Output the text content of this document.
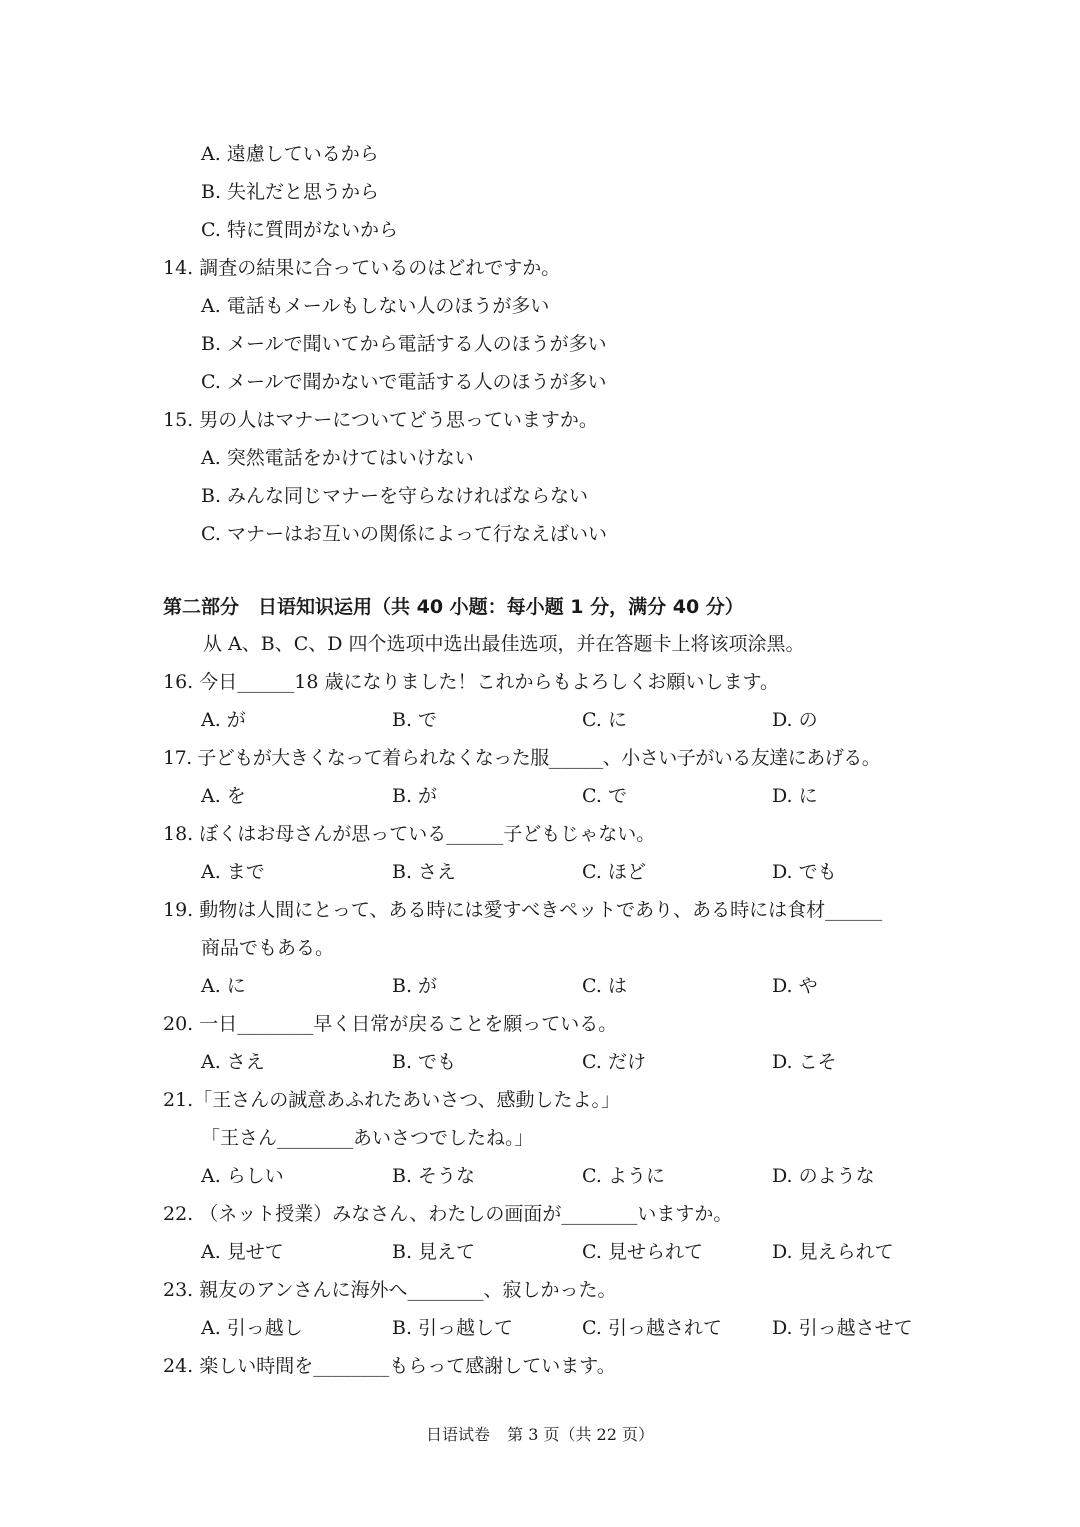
A. 遠慮しているから
B. 失礼だと思うから
C. 特に質問がないから
14. 調査の結果に合っているのはどれですか。
A. 電話もメールもしない人のほうが多い
B. メールで聞いてから電話する人のほうが多い
C. メールで聞かないで電話する人のほうが多い
15. 男の人はマナーについてどう思っていますか。
A. 突然電話をかけてはいけない
B. みんな同じマナーを守らなければならない
C. マナーはお互いの関係によって行なえばいい
第二部分　日语知识运用（共 40 小题：每小题 1 分，满分 40 分）
从 A、B、C、D 四个选项中选出最佳选项，并在答题卡上将该项涂黑。
16. 今日______18 歳になりました！これからもよろしくお願いします。
A. が	B. で	C. に	D. の
17. 子どもが大きくなって着られなくなった服______、小さい子がいる友達にあげる。
A. を	B. が	C. で	D. に
18. ぼくはお母さんが思っている______子どもじゃない。
A. まで	B. さえ	C. ほど	D. でも
19. 動物は人間にとって、ある時には愛すべきペットであり、ある時には食材______
商品でもある。
A. に	B. が	C. は	D. や
20. 一日________早く日常が戻ることを願っている。
A. さえ	B. でも	C. だけ	D. こそ
21.「王さんの誠意あふれたあいさつ、感動したよ。」
「王さん________あいさつでしたね。」
A. らしい	B. そうな	C. ように	D. のような
22. （ネット授業）みなさん、わたしの画面が________いますか。
A. 見せて	B. 見えて	C. 見せられて	D. 見えられて
23. 親友のアンさんに海外へ________、寂しかった。
A. 引っ越し	B. 引っ越して	C. 引っ越されて	D. 引っ越させて
24. 楽しい時間を________もらって感謝しています。
日语试卷 第 3 页（共 22 页）
